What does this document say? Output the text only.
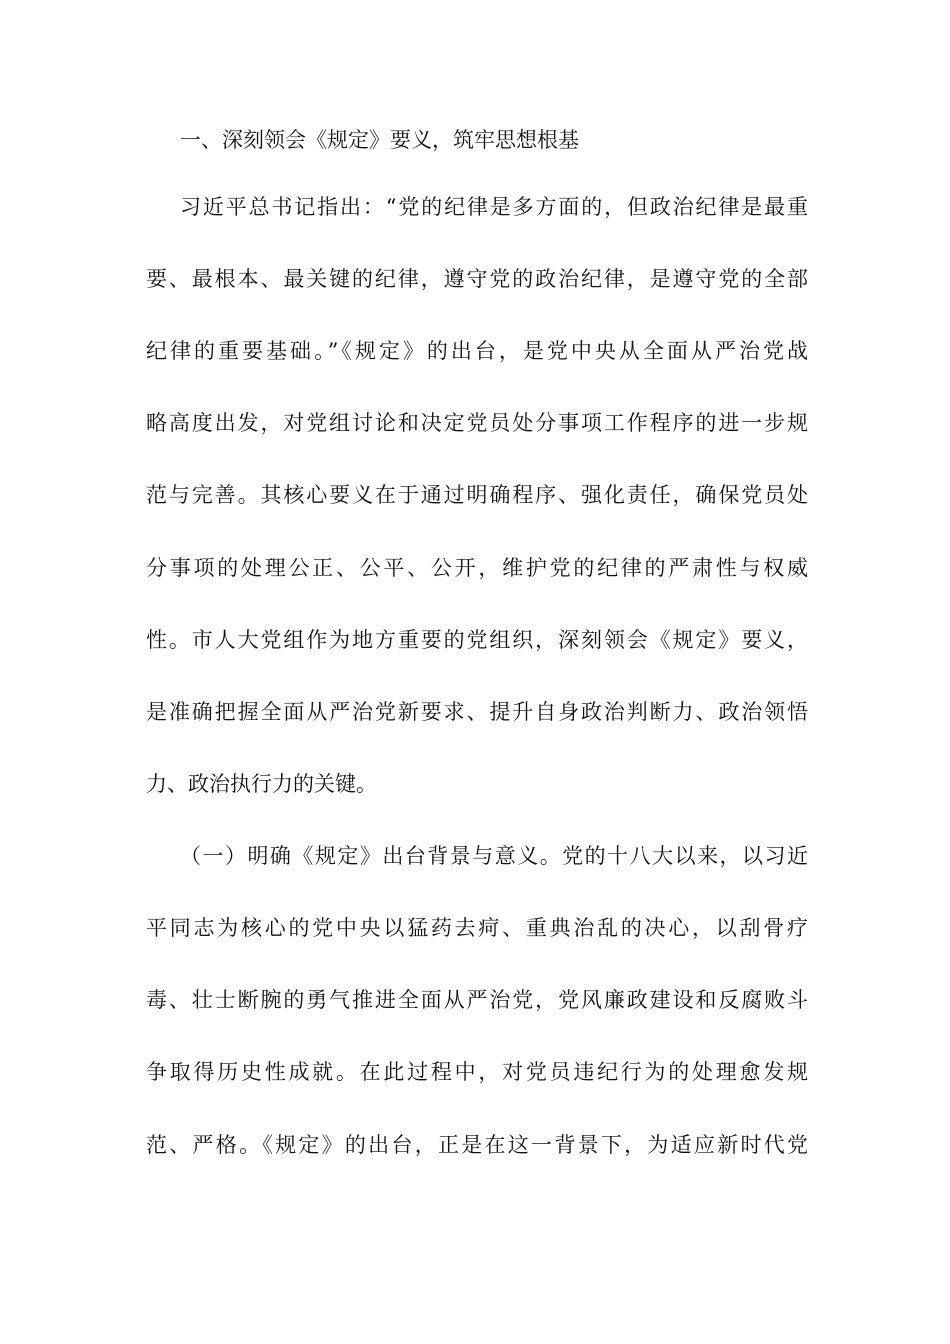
一、深刻领会《规定》要义，筑牢思想根基
习近平总书记指出：“党的纪律是多方面的，但政治纪律是最重
要、最根本、最关键的纪律，遵守党的政治纪律，是遵守党的全部
纪律的重要基础。”《规定》的出台，是党中央从全面从严治党战
略高度出发，对党组讨论和决定党员处分事项工作程序的进一步规
范与完善。其核心要义在于通过明确程序、强化责任，确保党员处
分事项的处理公正、公平、公开，维护党的纪律的严肃性与权威
性。市人大党组作为地方重要的党组织，深刻领会《规定》要义，
是准确把握全面从严治党新要求、提升自身政治判断力、政治领悟
力、政治执行力的关键。
（一）明确《规定》出台背景与意义。党的十八大以来，以习近
平同志为核心的党中央以猛药去疴、重典治乱的决心，以刮骨疗
毒、壮士断腕的勇气推进全面从严治党，党风廉政建设和反腐败斗
争取得历史性成就。在此过程中，对党员违纪行为的处理愈发规
范、严格。《规定》的出台，正是在这一背景下，为适应新时代党
